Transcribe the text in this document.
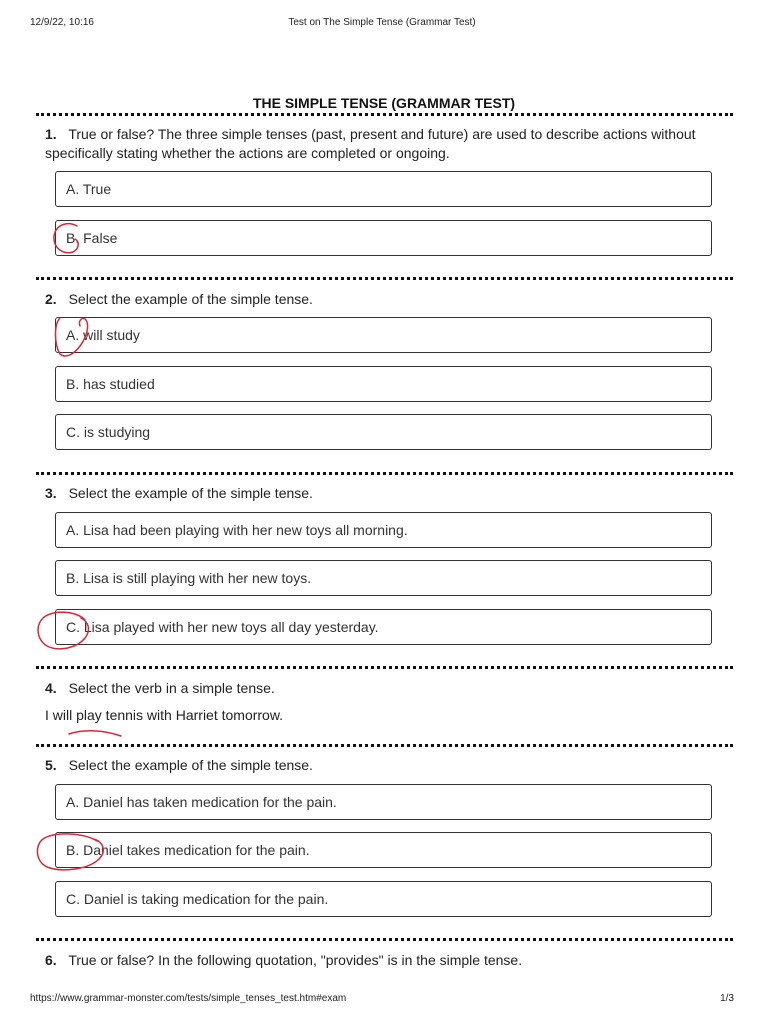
12/9/22, 10:16	Test on The Simple Tense (Grammar Test)
THE SIMPLE TENSE (GRAMMAR TEST)
1. True or false? The three simple tenses (past, present and future) are used to describe actions without specifically stating whether the actions are completed or ongoing.
A. True
B. False
2. Select the example of the simple tense.
A. will study
B. has studied
C. is studying
3. Select the example of the simple tense.
A. Lisa had been playing with her new toys all morning.
B. Lisa is still playing with her new toys.
C. Lisa played with her new toys all day yesterday.
4. Select the verb in a simple tense.
I will play tennis with Harriet tomorrow.
5. Select the example of the simple tense.
A. Daniel has taken medication for the pain.
B. Daniel takes medication for the pain.
C. Daniel is taking medication for the pain.
6. True or false? In the following quotation, "provides" is in the simple tense.
https://www.grammar-monster.com/tests/simple_tenses_test.htm#exam	1/3
